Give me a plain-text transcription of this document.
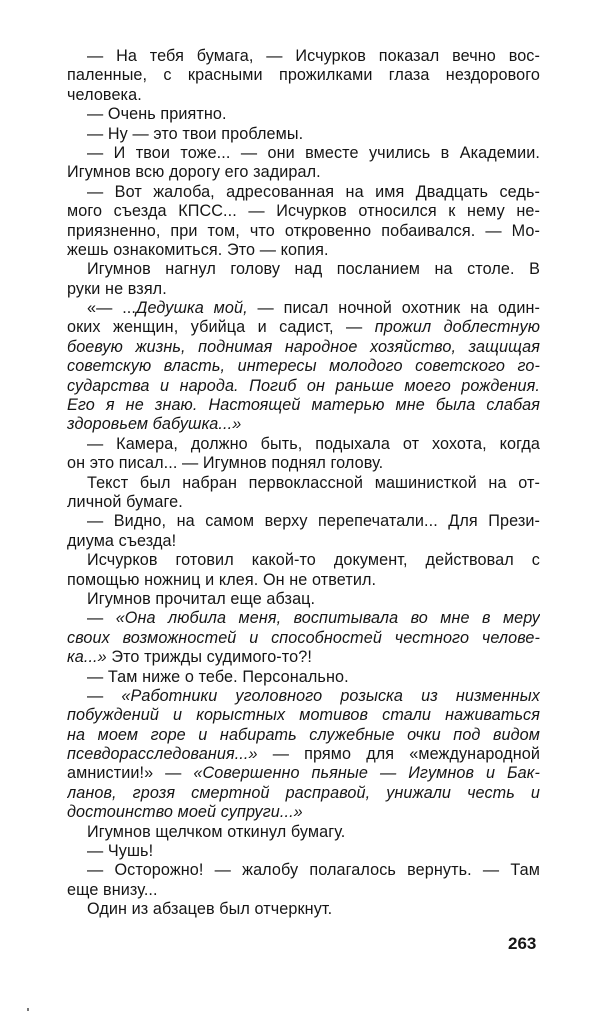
— На тебя бумага, — Исчурков показал вечно вос-
паленные, с красными прожилками глаза нездорового
человека.
— Очень приятно.
— Ну — это твои проблемы.
— И твои тоже... — они вместе учились в Академии.
Игумнов всю дорогу его задирал.
— Вот жалоба, адресованная на имя Двадцать седь-
мого съезда КПСС... — Исчурков относился к нему не-
приязненно, при том, что откровенно побаивался. — Мо-
жешь ознакомиться. Это — копия.
Игумнов нагнул голову над посланием на столе. В
руки не взял.
«— ...Дедушка мой, — писал ночной охотник на один-
оких женщин, убийца и садист, — прожил доблестную
боевую жизнь, поднимая народное хозяйство, защищая
советскую власть, интересы молодого советского го-
сударства и народа. Погиб он раньше моего рождения.
Его я не знаю. Настоящей матерью мне была слабая
здоровьем бабушка...»
— Камера, должно быть, подыхала от хохота, когда
он это писал... — Игумнов поднял голову.
Текст был набран первоклассной машинисткой на от-
личной бумаге.
— Видно, на самом верху перепечатали... Для Прези-
диума съезда!
Исчурков готовил какой-то документ, действовал с
помощью ножниц и клея. Он не ответил.
Игумнов прочитал еще абзац.
— «Она любила меня, воспитывала во мне в меру
своих возможностей и способностей честного челове-
ка...» Это трижды судимого-то?!
— Там ниже о тебе. Персонально.
— «Работники уголовного розыска из низменных
побуждений и корыстных мотивов стали наживаться
на моем горе и набирать служебные очки под видом
псевдорасследования...» — прямо для «международной
амнистии!» — «Совершенно пьяные — Игумнов и Бак-
ланов, грозя смертной расправой, унижали честь и
достоинство моей супруги...»
Игумнов щелчком откинул бумагу.
— Чушь!
— Осторожно! — жалобу полагалось вернуть. — Там
еще внизу...
Один из абзацев был отчеркнут.
263
